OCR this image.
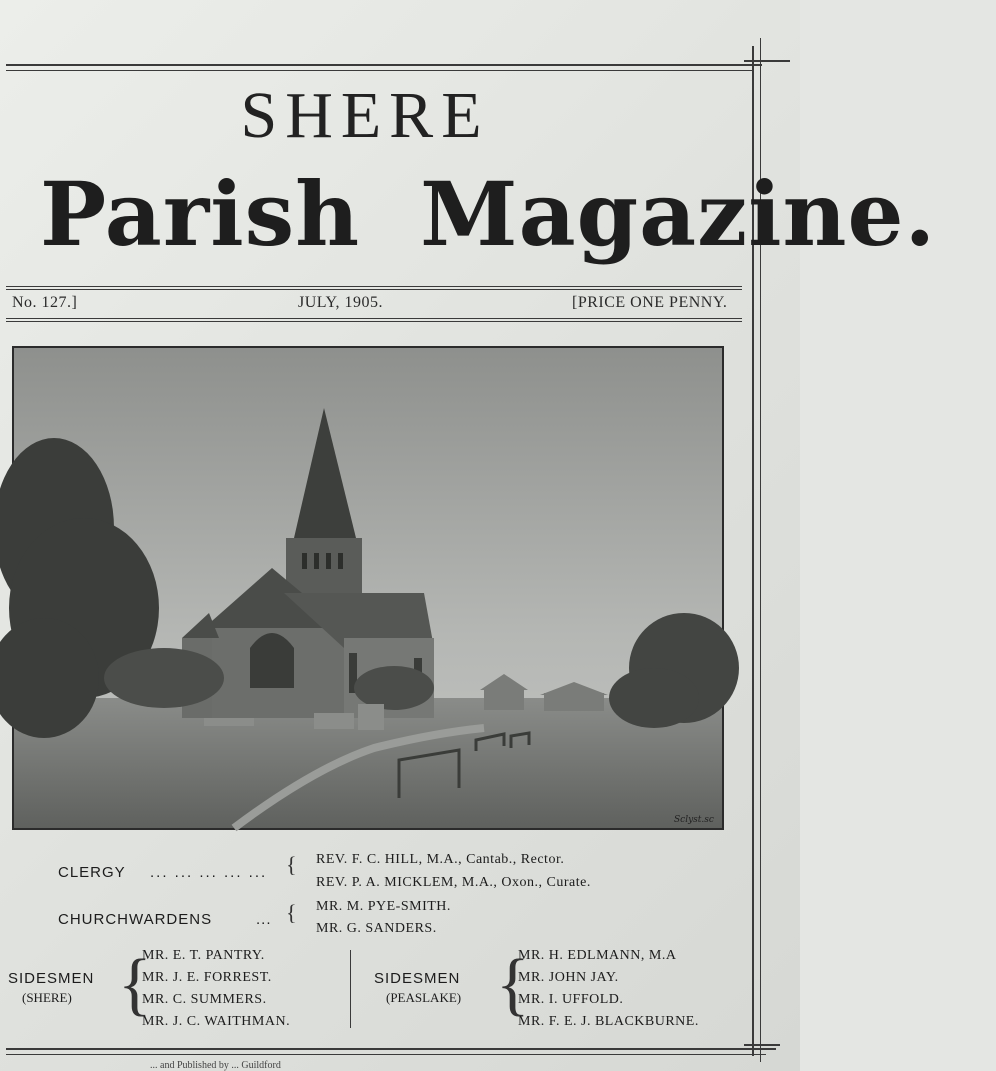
SHERE
Parish Magazine.
No. 127.]	JULY, 1905.	[PRICE ONE PENNY.
Sclyst.sc
CLERGY ... ... ... ... ... { REV. F. C. HILL, M.A., Cantab., Rector.
REV. P. A. MICKLEM, M.A., Oxon., Curate.
CHURCHWARDENS	... { MR. M. PYE-SMITH.
MR. G. SANDERS.
SIDESMEN
(SHERE) {
MR. E. T. PANTRY.
MR. J. E. FORREST.
MR. C. SUMMERS.
MR. J. C. WAITHMAN.
SIDESMEN
(PEASLAKE) {
MR. H. EDLMANN, M.A
MR. JOHN JAY.
MR. I. UFFOLD.
MR. F. E. J. BLACKBURNE.
... and Published by ... Guildford
